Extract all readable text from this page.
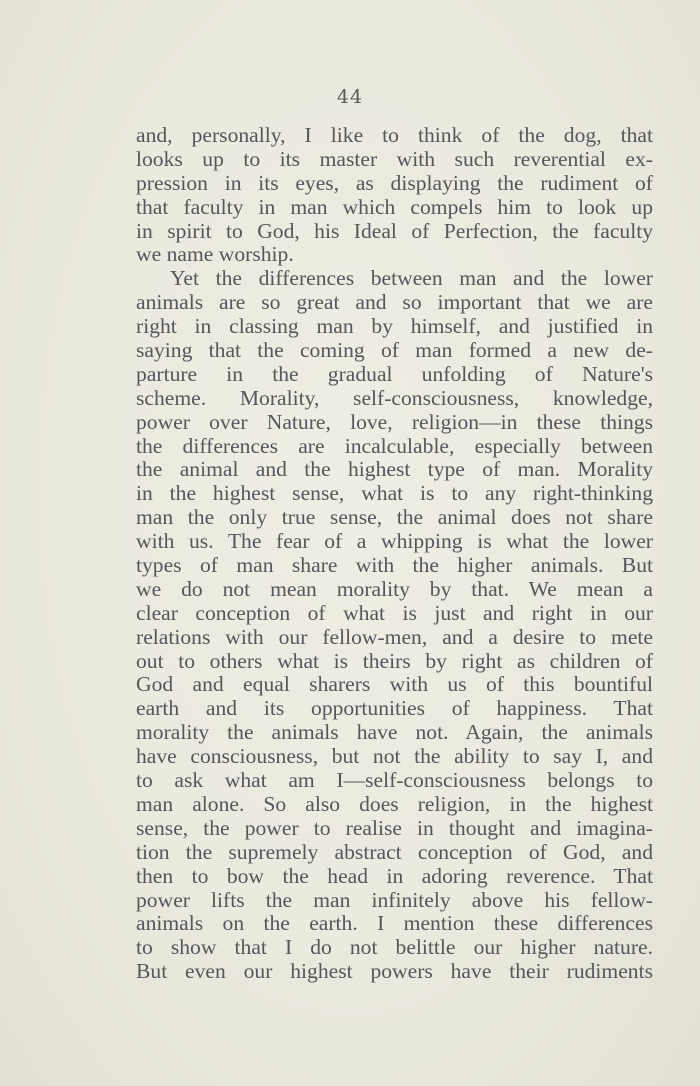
44
and, personally, I like to think of the dog, that
looks up to its master with such reverential ex-
pression in its eyes, as displaying the rudiment of
that faculty in man which compels him to look up
in spirit to God, his Ideal of Perfection, the faculty
we name worship.
Yet the differences between man and the lower
animals are so great and so important that we are
right in classing man by himself, and justified in
saying that the coming of man formed a new de-
parture in the gradual unfolding of Nature's
scheme. Morality, self-consciousness, knowledge,
power over Nature, love, religion—in these things
the differences are incalculable, especially between
the animal and the highest type of man. Morality
in the highest sense, what is to any right-thinking
man the only true sense, the animal does not share
with us. The fear of a whipping is what the lower
types of man share with the higher animals. But
we do not mean morality by that. We mean a
clear conception of what is just and right in our
relations with our fellow-men, and a desire to mete
out to others what is theirs by right as children of
God and equal sharers with us of this bountiful
earth and its opportunities of happiness. That
morality the animals have not. Again, the animals
have consciousness, but not the ability to say I, and
to ask what am I—self-consciousness belongs to
man alone. So also does religion, in the highest
sense, the power to realise in thought and imagina-
tion the supremely abstract conception of God, and
then to bow the head in adoring reverence. That
power lifts the man infinitely above his fellow-
animals on the earth. I mention these differences
to show that I do not belittle our higher nature.
But even our highest powers have their rudiments
